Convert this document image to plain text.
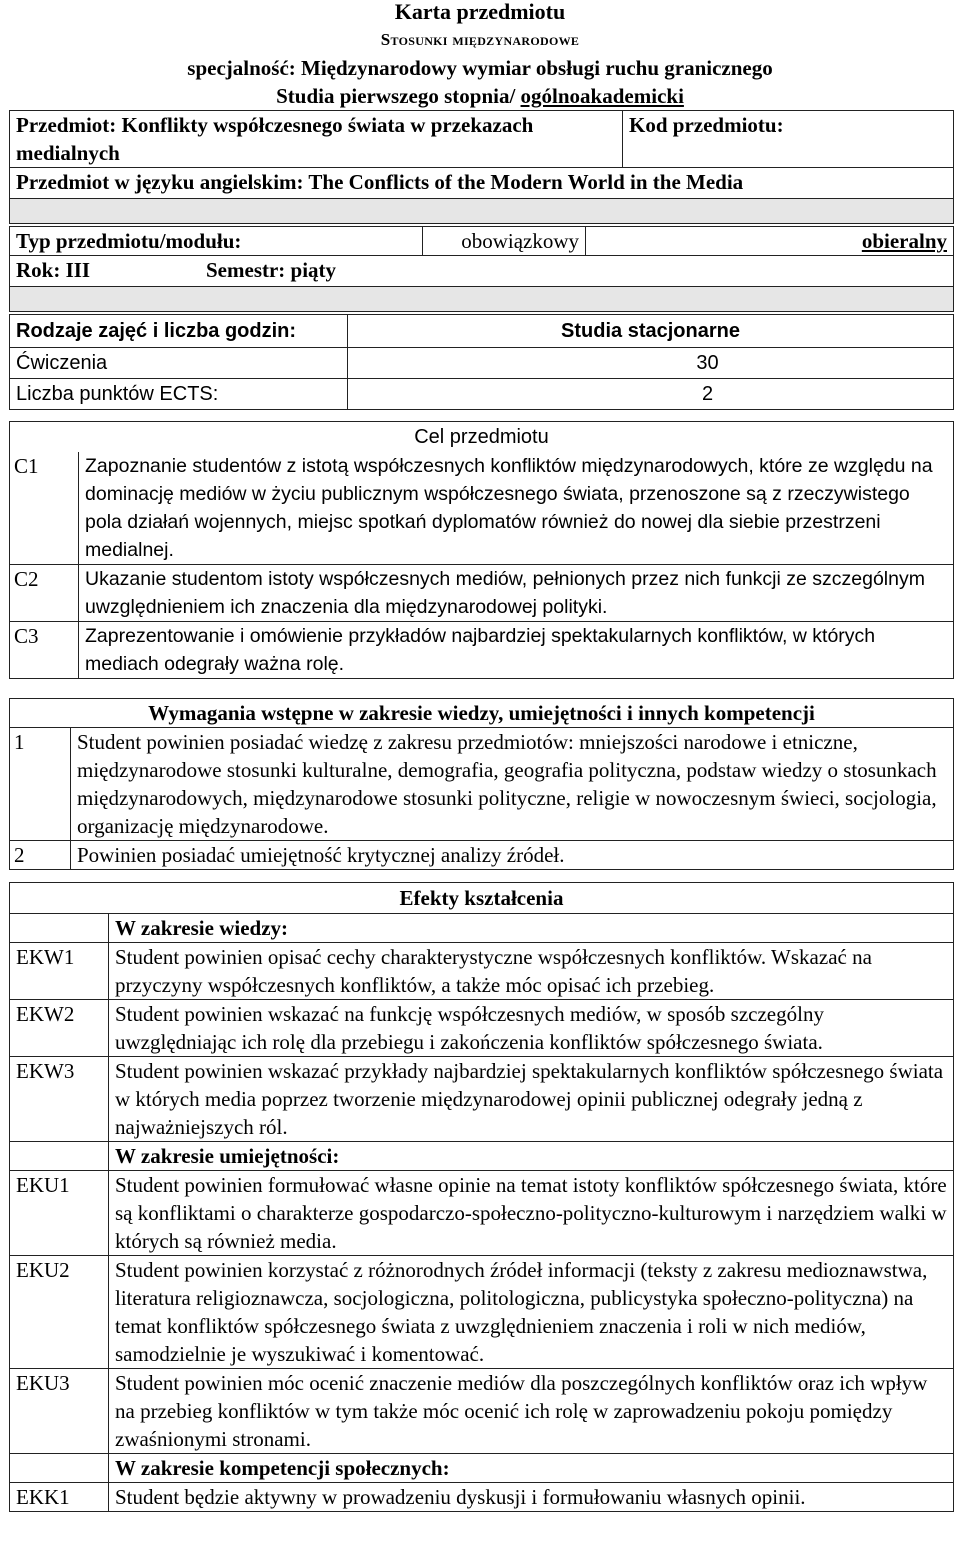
Karta przedmiotu
Stosunki międzynarodowe
specjalność: Międzynarodowy wymiar obsługi ruchu granicznego
Studia pierwszego stopnia/ ogólnoakademicki
Przedmiot: Konflikty współczesnego świata w przekazach medialnych	Kod przedmiotu:
Przedmiot w języku angielskim: The Conflicts of the Modern World in the Media

Typ przedmiotu/modułu:	obowiązkowy	obieralny
Rok: III	Semestr: piąty

Rodzaje zajęć i liczba godzin:	Studia stacjonarne
Ćwiczenia	30
Liczba punktów ECTS:	2
Cel przedmiotu	
C1	Zapoznanie studentów z istotą współczesnych konfliktów międzynarodowych, które ze względu na dominację mediów w życiu publicznym współczesnego świata, przenoszone są z rzeczywistego pola działań wojennych, miejsc spotkań dyplomatów również do nowej dla siebie przestrzeni medialnej.
C2	Ukazanie studentom istoty współczesnych mediów, pełnionych przez nich funkcji ze szczególnym uwzględnieniem ich znaczenia dla międzynarodowej polityki.
C3	Zaprezentowanie i omówienie przykładów najbardziej spektakularnych konfliktów, w których mediach odegrały ważna rolę.
Wymagania wstępne w zakresie wiedzy, umiejętności i innych kompetencji	
1	Student powinien posiadać wiedzę z zakresu przedmiotów: mniejszości narodowe i etniczne, międzynarodowe stosunki kulturalne, demografia, geografia polityczna, podstaw wiedzy o stosunkach międzynarodowych, międzynarodowe stosunki polityczne, religie w nowoczesnym świeci, socjologia, organizację międzynarodowe.
2	Powinien posiadać umiejętność krytycznej analizy źródeł.
Efekty kształcenia	
	W zakresie wiedzy:
EKW1	Student powinien opisać cechy charakterystyczne współczesnych konfliktów. Wskazać na przyczyny współczesnych konfliktów, a także móc opisać ich przebieg.
EKW2	Student powinien wskazać na funkcję współczesnych mediów, w sposób szczególny uwzględniając ich rolę dla przebiegu i zakończenia konfliktów spółczesnego świata.
EKW3	Student powinien wskazać przykłady najbardziej spektakularnych konfliktów spółczesnego świata w których media poprzez tworzenie międzynarodowej opinii publicznej odegrały jedną z najważniejszych ról.
	W zakresie umiejętności:
EKU1	Student powinien formułować własne opinie na temat istoty konfliktów spółczesnego świata, które są konfliktami o charakterze gospodarczo-społeczno-polityczno-kulturowym i narzędziem walki w których są również media.
EKU2	Student powinien korzystać z różnorodnych źródeł informacji (teksty z zakresu medioznawstwa, literatura religioznawcza, socjologiczna, politologiczna, publicystyka społeczno-polityczna) na temat konfliktów spółczesnego świata z uwzględnieniem znaczenia i roli w nich mediów, samodzielnie je wyszukiwać i komentować.
EKU3	Student powinien móc ocenić znaczenie mediów dla poszczególnych konfliktów oraz ich wpływ na przebieg konfliktów w tym także móc ocenić ich rolę w zaprowadzeniu pokoju pomiędzy zwaśnionymi stronami.
	W zakresie kompetencji społecznych:
EKK1	Student będzie aktywny w prowadzeniu dyskusji i formułowaniu własnych opinii.
